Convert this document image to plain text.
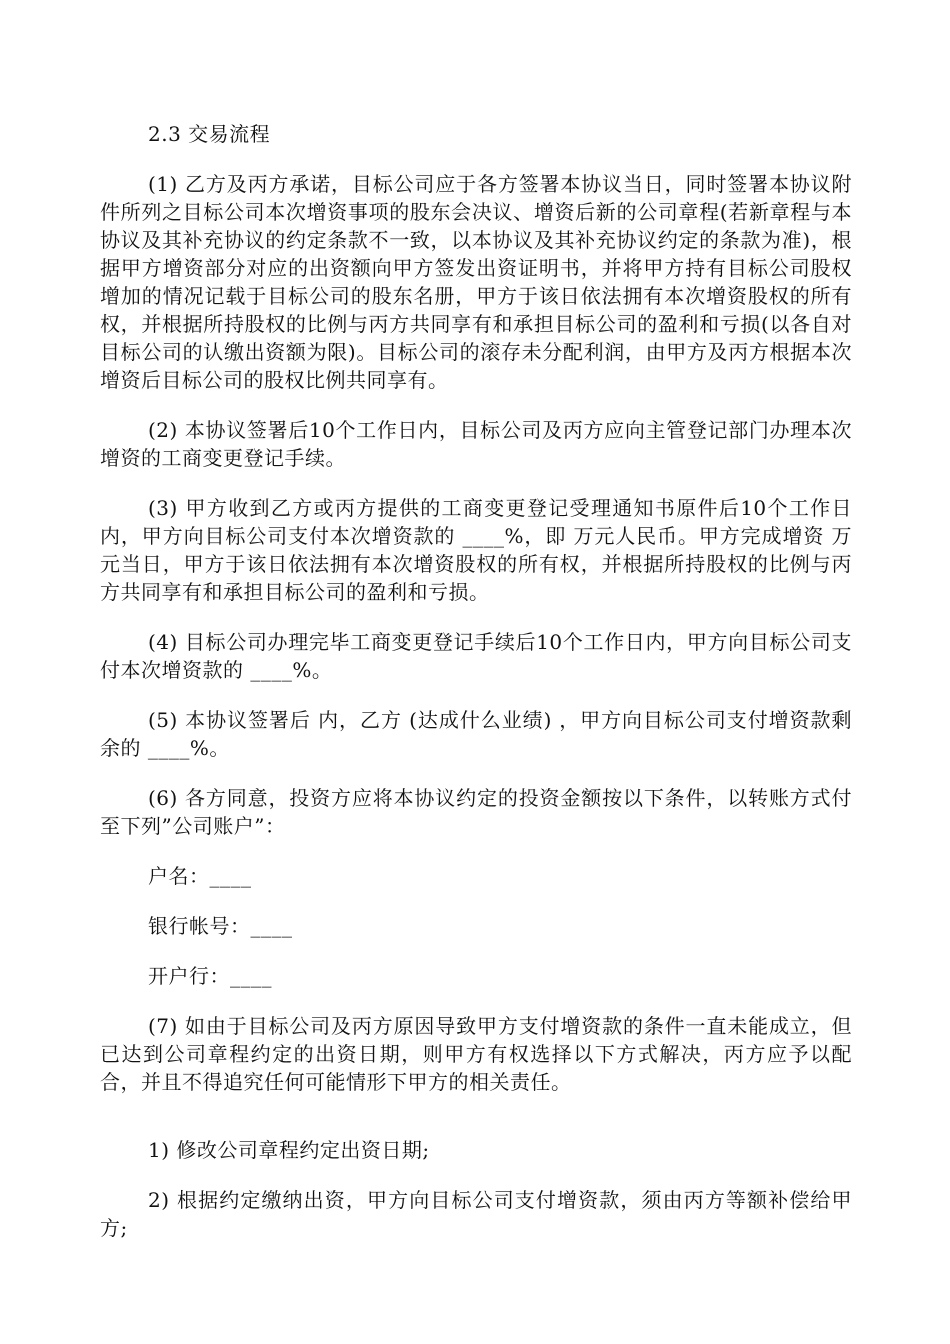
2.3 交易流程

(1) 乙方及丙方承诺，目标公司应于各方签署本协议当日，同时签署本协议附件所列之目标公司本次增资事项的股东会决议、增资后新的公司章程(若新章程与本协议及其补充协议的约定条款不一致，以本协议及其补充协议约定的条款为准)，根据甲方增资部分对应的出资额向甲方签发出资证明书，并将甲方持有目标公司股权增加的情况记载于目标公司的股东名册，甲方于该日依法拥有本次增资股权的所有权，并根据所持股权的比例与丙方共同享有和承担目标公司的盈利和亏损(以各自对目标公司的认缴出资额为限)。目标公司的滚存未分配利润，由甲方及丙方根据本次增资后目标公司的股权比例共同享有。

(2) 本协议签署后10个工作日内，目标公司及丙方应向主管登记部门办理本次增资的工商变更登记手续。

(3) 甲方收到乙方或丙方提供的工商变更登记受理通知书原件后10个工作日内，甲方向目标公司支付本次增资款的 ____%，即 万元人民币。甲方完成增资 万元当日，甲方于该日依法拥有本次增资股权的所有权，并根据所持股权的比例与丙方共同享有和承担目标公司的盈利和亏损。

(4) 目标公司办理完毕工商变更登记手续后10个工作日内，甲方向目标公司支付本次增资款的 ____%。

(5) 本协议签署后 内，乙方 (达成什么业绩) ，甲方向目标公司支付增资款剩余的 ____%。

(6) 各方同意，投资方应将本协议约定的投资金额按以下条件，以转账方式付至下列”公司账户”：

户名：____

银行帐号：____

开户行：____

(7) 如由于目标公司及丙方原因导致甲方支付增资款的条件一直未能成立，但已达到公司章程约定的出资日期，则甲方有权选择以下方式解决，丙方应予以配合，并且不得追究任何可能情形下甲方的相关责任。

1) 修改公司章程约定出资日期;

2) 根据约定缴纳出资，甲方向目标公司支付增资款，须由丙方等额补偿给甲方;
